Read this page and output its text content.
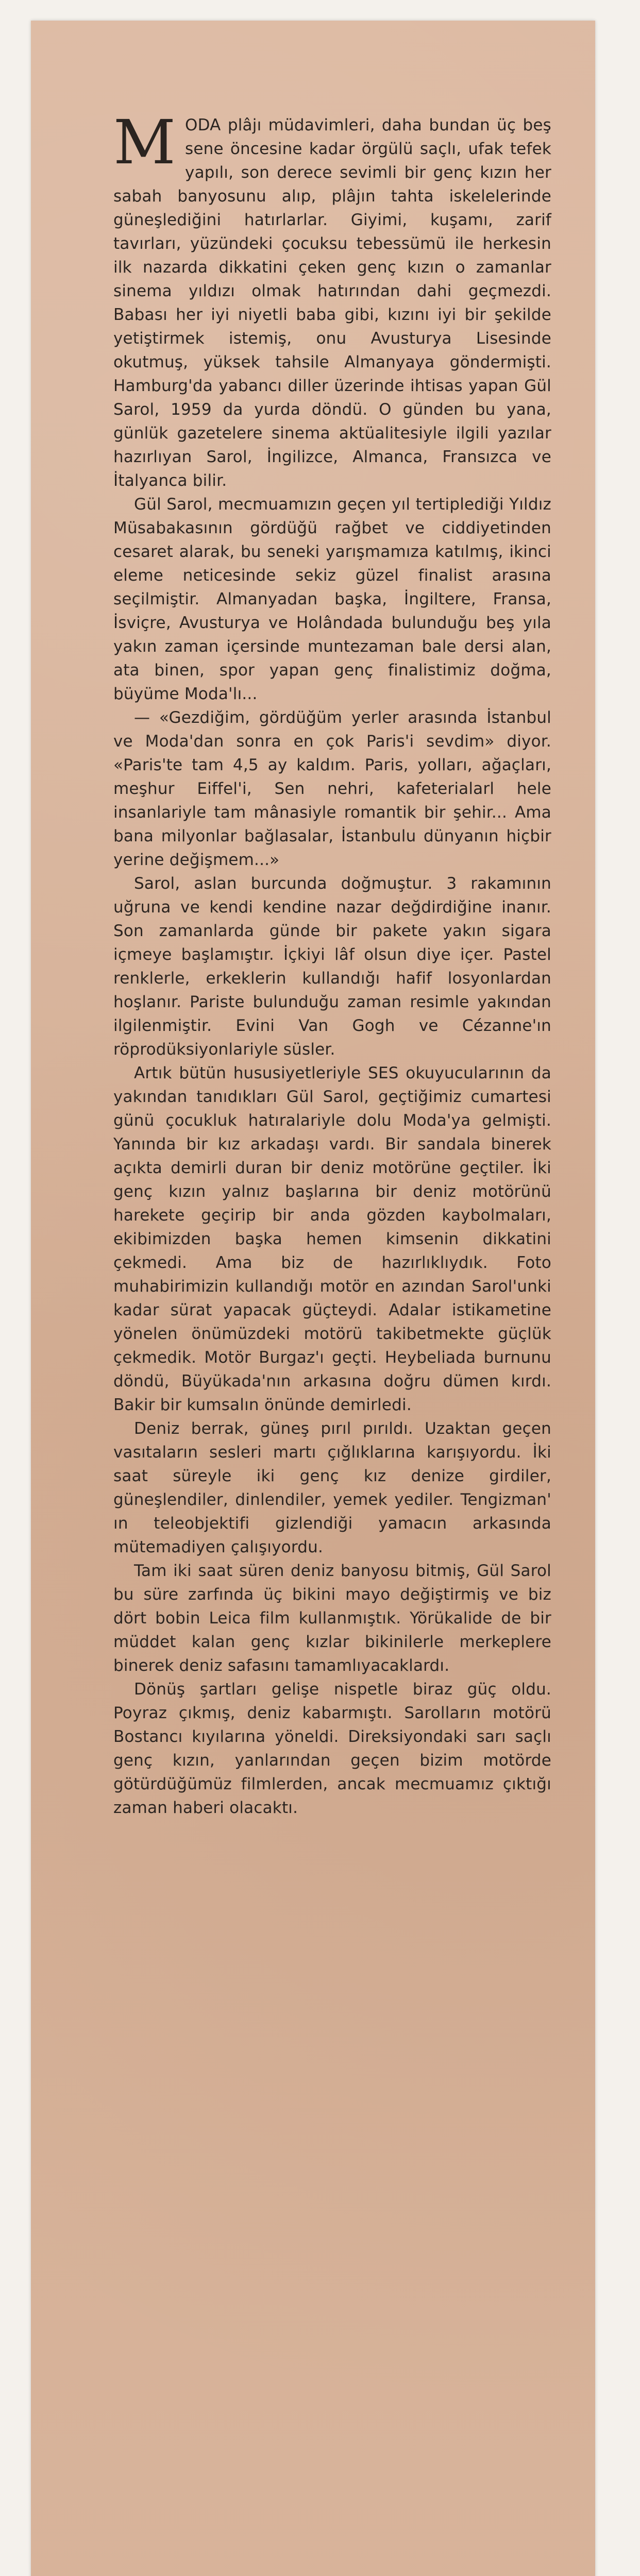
MODA plâjı müdavimleri, daha bundan üç beş sene öncesine kadar örgülü saçlı, ufak tefek yapılı, son derece sevimli bir genç kızın her sabah banyosunu alıp, plâjın tahta iskelelerinde güneşlediğini hatırlarlar. Giyimi, kuşamı, zarif tavırları, yüzündeki çocuksu tebessümü ile herkesin ilk nazarda dikkatini çeken genç kızın o zamanlar sinema yıldızı olmak hatırından dahi geçmezdi. Babası her iyi niyetli baba gibi, kızını iyi bir şekilde yetiştirmek istemiş, onu Avusturya Lisesinde okutmuş, yüksek tahsile Almanyaya göndermişti. Hamburg'da yabancı diller üzerinde ihtisas yapan Gül Sarol, 1959 da yurda döndü. O günden bu yana, günlük gazetelere sinema aktüalitesiyle ilgili yazılar hazırlıyan Sarol, İngilizce, Almanca, Fransızca ve İtalyanca bilir.

Gül Sarol, mecmuamızın geçen yıl tertiplediği Yıldız Müsabakasının gördüğü rağbet ve ciddiyetinden cesaret alarak, bu seneki yarışmamıza katılmış, ikinci eleme neticesinde sekiz güzel finalist arasına seçilmiştir. Almanyadan başka, İngiltere, Fransa, İsviçre, Avusturya ve Holândada bulunduğu beş yıla yakın zaman içersinde muntezaman bale dersi alan, ata binen, spor yapan genç finalistimiz doğma, büyüme Moda'lı...

— «Gezdiğim, gördüğüm yerler arasında İstanbul ve Moda'dan sonra en çok Paris'i sevdim» diyor. «Paris'te tam 4,5 ay kaldım. Paris, yolları, ağaçları, meşhur Eiffel'i, Sen nehri, kafeterialarl hele insanlariyle tam mânasiyle romantik bir şehir... Ama bana milyonlar bağlasalar, İstanbulu dünyanın hiçbir yerine değişmem...»

Sarol, aslan burcunda doğmuştur. 3 rakamının uğruna ve kendi kendine nazar değdirdiğine inanır. Son zamanlarda günde bir pakete yakın sigara içmeye başlamıştır. İçkiyi lâf olsun diye içer. Pastel renklerle, erkeklerin kullandığı hafif losyonlardan hoşlanır. Pariste bulunduğu zaman resimle yakından ilgilenmiştir. Evini Van Gogh ve Cézanne'ın röprodüksiyonlariyle süsler.

Artık bütün hususiyetleriyle SES okuyucularının da yakından tanıdıkları Gül Sarol, geçtiğimiz cumartesi günü çocukluk hatıralariyle dolu Moda'ya gelmişti. Yanında bir kız arkadaşı vardı. Bir sandala binerek açıkta demirli duran bir deniz motörüne geçtiler. İki genç kızın yalnız başlarına bir deniz motörünü harekete geçirip bir anda gözden kaybolmaları, ekibimizden başka hemen kimsenin dikkatini çekmedi. Ama biz de hazırlıklıydık. Foto muhabirimizin kullandığı motör en azından Sarol'unki kadar sürat yapacak güçteydi. Adalar istikametine yönelen önümüzdeki motörü takibetmekte güçlük çekmedik. Motör Burgaz'ı geçti. Heybeliada burnunu döndü, Büyükada'nın arkasına doğru dümen kırdı. Bakir bir kumsalın önünde demirledi.

Deniz berrak, güneş pırıl pırıldı. Uzaktan geçen vasıtaların sesleri martı çığlıklarına karışıyordu. İki saat süreyle iki genç kız denize girdiler, güneşlendiler, dinlendiler, yemek yediler. Tengizman' ın teleobjektifi gizlendiği yamacın arkasında mütemadiyen çalışıyordu.

Tam iki saat süren deniz banyosu bitmiş, Gül Sarol bu süre zarfında üç bikini mayo değiştirmiş ve biz dört bobin Leica film kullanmıştık. Yörükalide de bir müddet kalan genç kızlar bikinilerle merkeplere binerek deniz safasını tamamlıyacaklardı.

Dönüş şartları gelişe nispetle biraz güç oldu. Poyraz çıkmış, deniz kabarmıştı. Sarolların motörü Bostancı kıyılarına yöneldi. Direksiyondaki sarı saçlı genç kızın, yanlarından geçen bizim motörde götürdüğümüz filmlerden, ancak mecmuamız çıktığı zaman haberi olacaktı.
